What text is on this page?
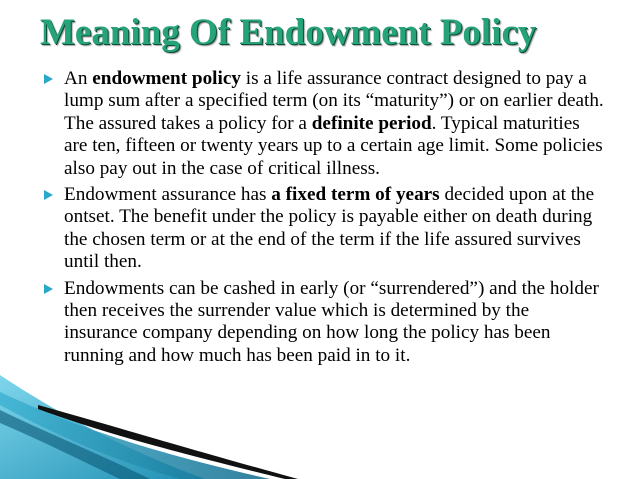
Meaning Of Endowment Policy

An endowment policy is a life assurance contract designed to pay a lump sum after a specified term (on its “maturity”) or on earlier death. The assured takes a policy for a definite period. Typical maturities are ten, fifteen or twenty years up to a certain age limit. Some policies also pay out in the case of critical illness.

Endowment assurance has a fixed term of years decided upon at the ontset. The benefit under the policy is payable either on death during the chosen term or at the end of the term if the life assured survives until then.

Endowments can be cashed in early (or “surrendered”) and the holder then receives the surrender value which is determined by the insurance company depending on how long the policy has been running and how much has been paid in to it.
